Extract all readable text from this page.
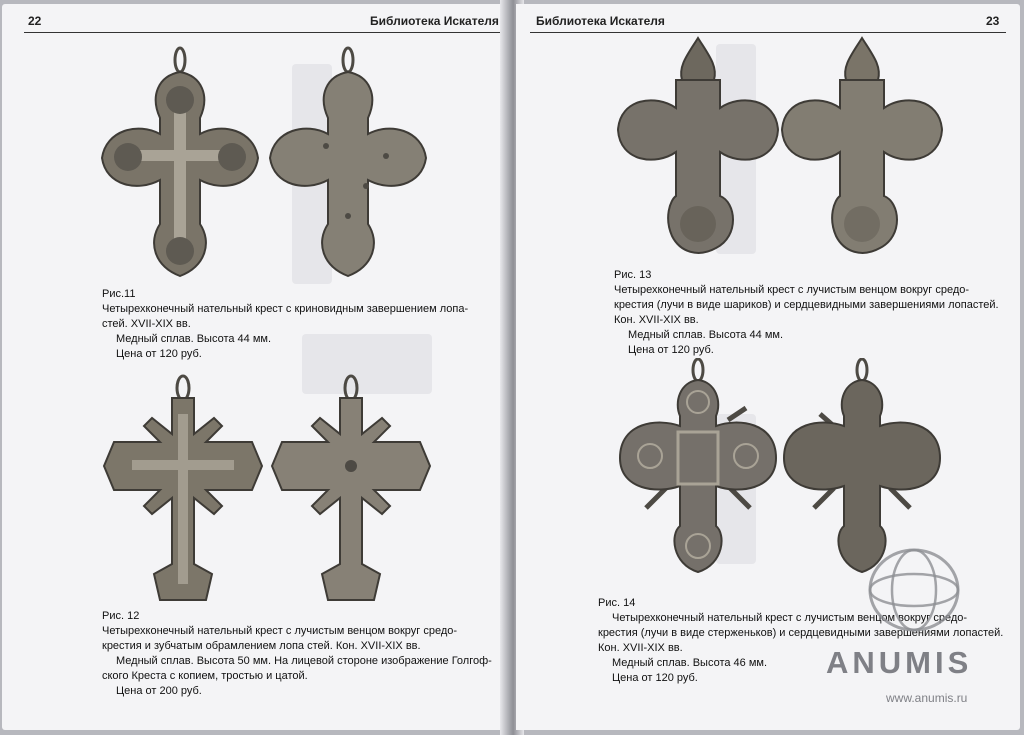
22	Библиотека Искателя
Рис.11
Четырехконечный нательный крест с криновидным завершением лопа-
стей. XVII-XIX вв.
Медный сплав. Высота 44 мм.
Цена от 120 руб.
Рис. 12
Четырехконечный нательный крест с лучистым венцом вокруг средо-
крестия и зубчатым обрамлением лопа стей. Кон. XVII-XIX вв.
Медный сплав. Высота 50 мм. На лицевой стороне изображение Голгоф-
ского Креста с копием, тростью и цатой.
Цена от 200 руб.
Библиотека Искателя	23
Рис. 13
Четырехконечный нательный крест с лучистым венцом вокруг средо-
крестия (лучи в виде шариков) и сердцевидными завершениями лопастей.
Кон. XVII-XIX вв.
Медный сплав. Высота 44 мм.
Цена от 120 руб.
Рис. 14
Четырехконечный нательный крест с лучистым венцом вокруг средо-
крестия (лучи в виде стерженьков) и сердцевидными завершениями лопастей.
Кон. XVII-XIX вв.
Медный сплав. Высота 46 мм.
Цена от 120 руб.	ANUMIS
www.anumis.ru
